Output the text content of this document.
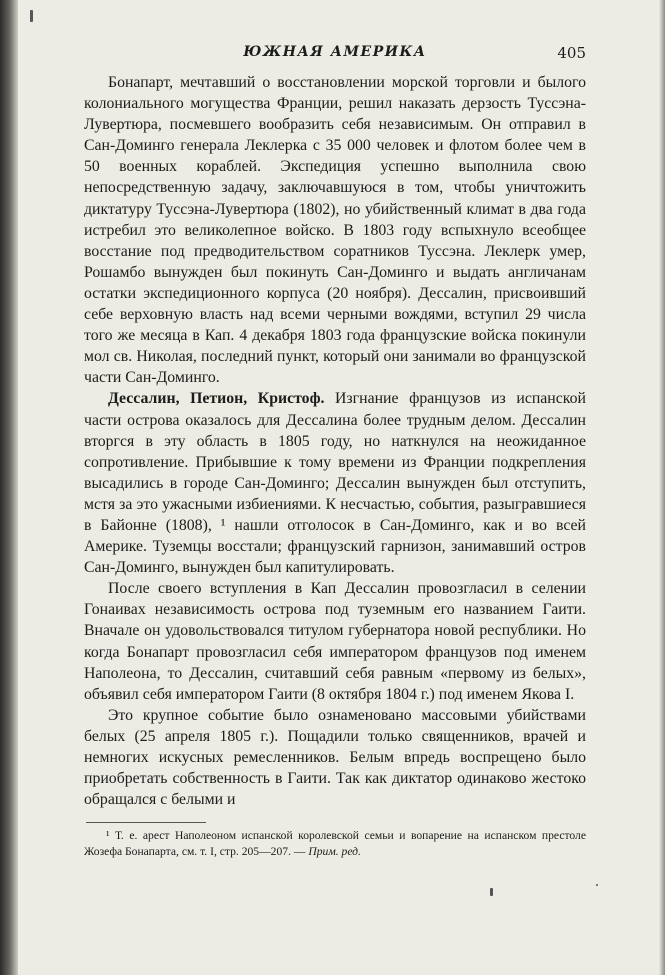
ЮЖНАЯ АМЕРИКА	405

Бонапарт, мечтавший о восстановлении морской торговли и былого колониального могущества Франции, решил наказать дерзость Туссэна-Лувертюра, посмевшего вообразить себя независимым. Он отправил в Сан-Доминго генерала Леклерка с 35 000 человек и флотом более чем в 50 военных кораблей. Экспедиция успешно выполнила свою непосредственную задачу, заключавшуюся в том, чтобы уничтожить диктатуру Туссэна-Лувертюра (1802), но убийственный климат в два года истребил это великолепное войско. В 1803 году вспыхнуло всеобщее восстание под предводительством соратников Туссэна. Леклерк умер, Рошамбо вынужден был покинуть Сан-Доминго и выдать англичанам остатки экспедиционного корпуса (20 ноября). Дессалин, присвоивший себе верховную власть над всеми черными вождями, вступил 29 числа того же месяца в Кап. 4 декабря 1803 года французские войска покинули мол св. Николая, последний пункт, который они занимали во французской части Сан-Доминго.

Дессалин, Петион, Кристоф. Изгнание французов из испанской части острова оказалось для Дессалина более трудным делом. Дессалин вторгся в эту область в 1805 году, но наткнулся на неожиданное сопротивление. Прибывшие к тому времени из Франции подкрепления высадились в городе Сан-Доминго; Дессалин вынужден был отступить, мстя за это ужасными избиениями. К несчастью, события, разыгравшиеся в Байонне (1808), ¹ нашли отголосок в Сан-Доминго, как и во всей Америке. Туземцы восстали; французский гарнизон, занимавший остров Сан-Доминго, вынужден был капитулировать.

После своего вступления в Кап Дессалин провозгласил в селении Гонаивах независимость острова под туземным его названием Гаити. Вначале он удовольствовался титулом губернатора новой республики. Но когда Бонапарт провозгласил себя императором французов под именем Наполеона, то Дессалин, считавший себя равным «первому из белых», объявил себя императором Гаити (8 октября 1804 г.) под именем Якова I.

Это крупное событие было ознаменовано массовыми убийствами белых (25 апреля 1805 г.). Пощадили только священников, врачей и немногих искусных ремесленников. Белым впредь воспрещено было приобретать собственность в Гаити. Так как диктатор одинаково жестоко обращался с белыми и

¹ Т. е. арест Наполеоном испанской королевской семьи и вопарение на испанском престоле Жозефа Бонапарта, см. т. I, стр. 205—207. — Прим. ред.
